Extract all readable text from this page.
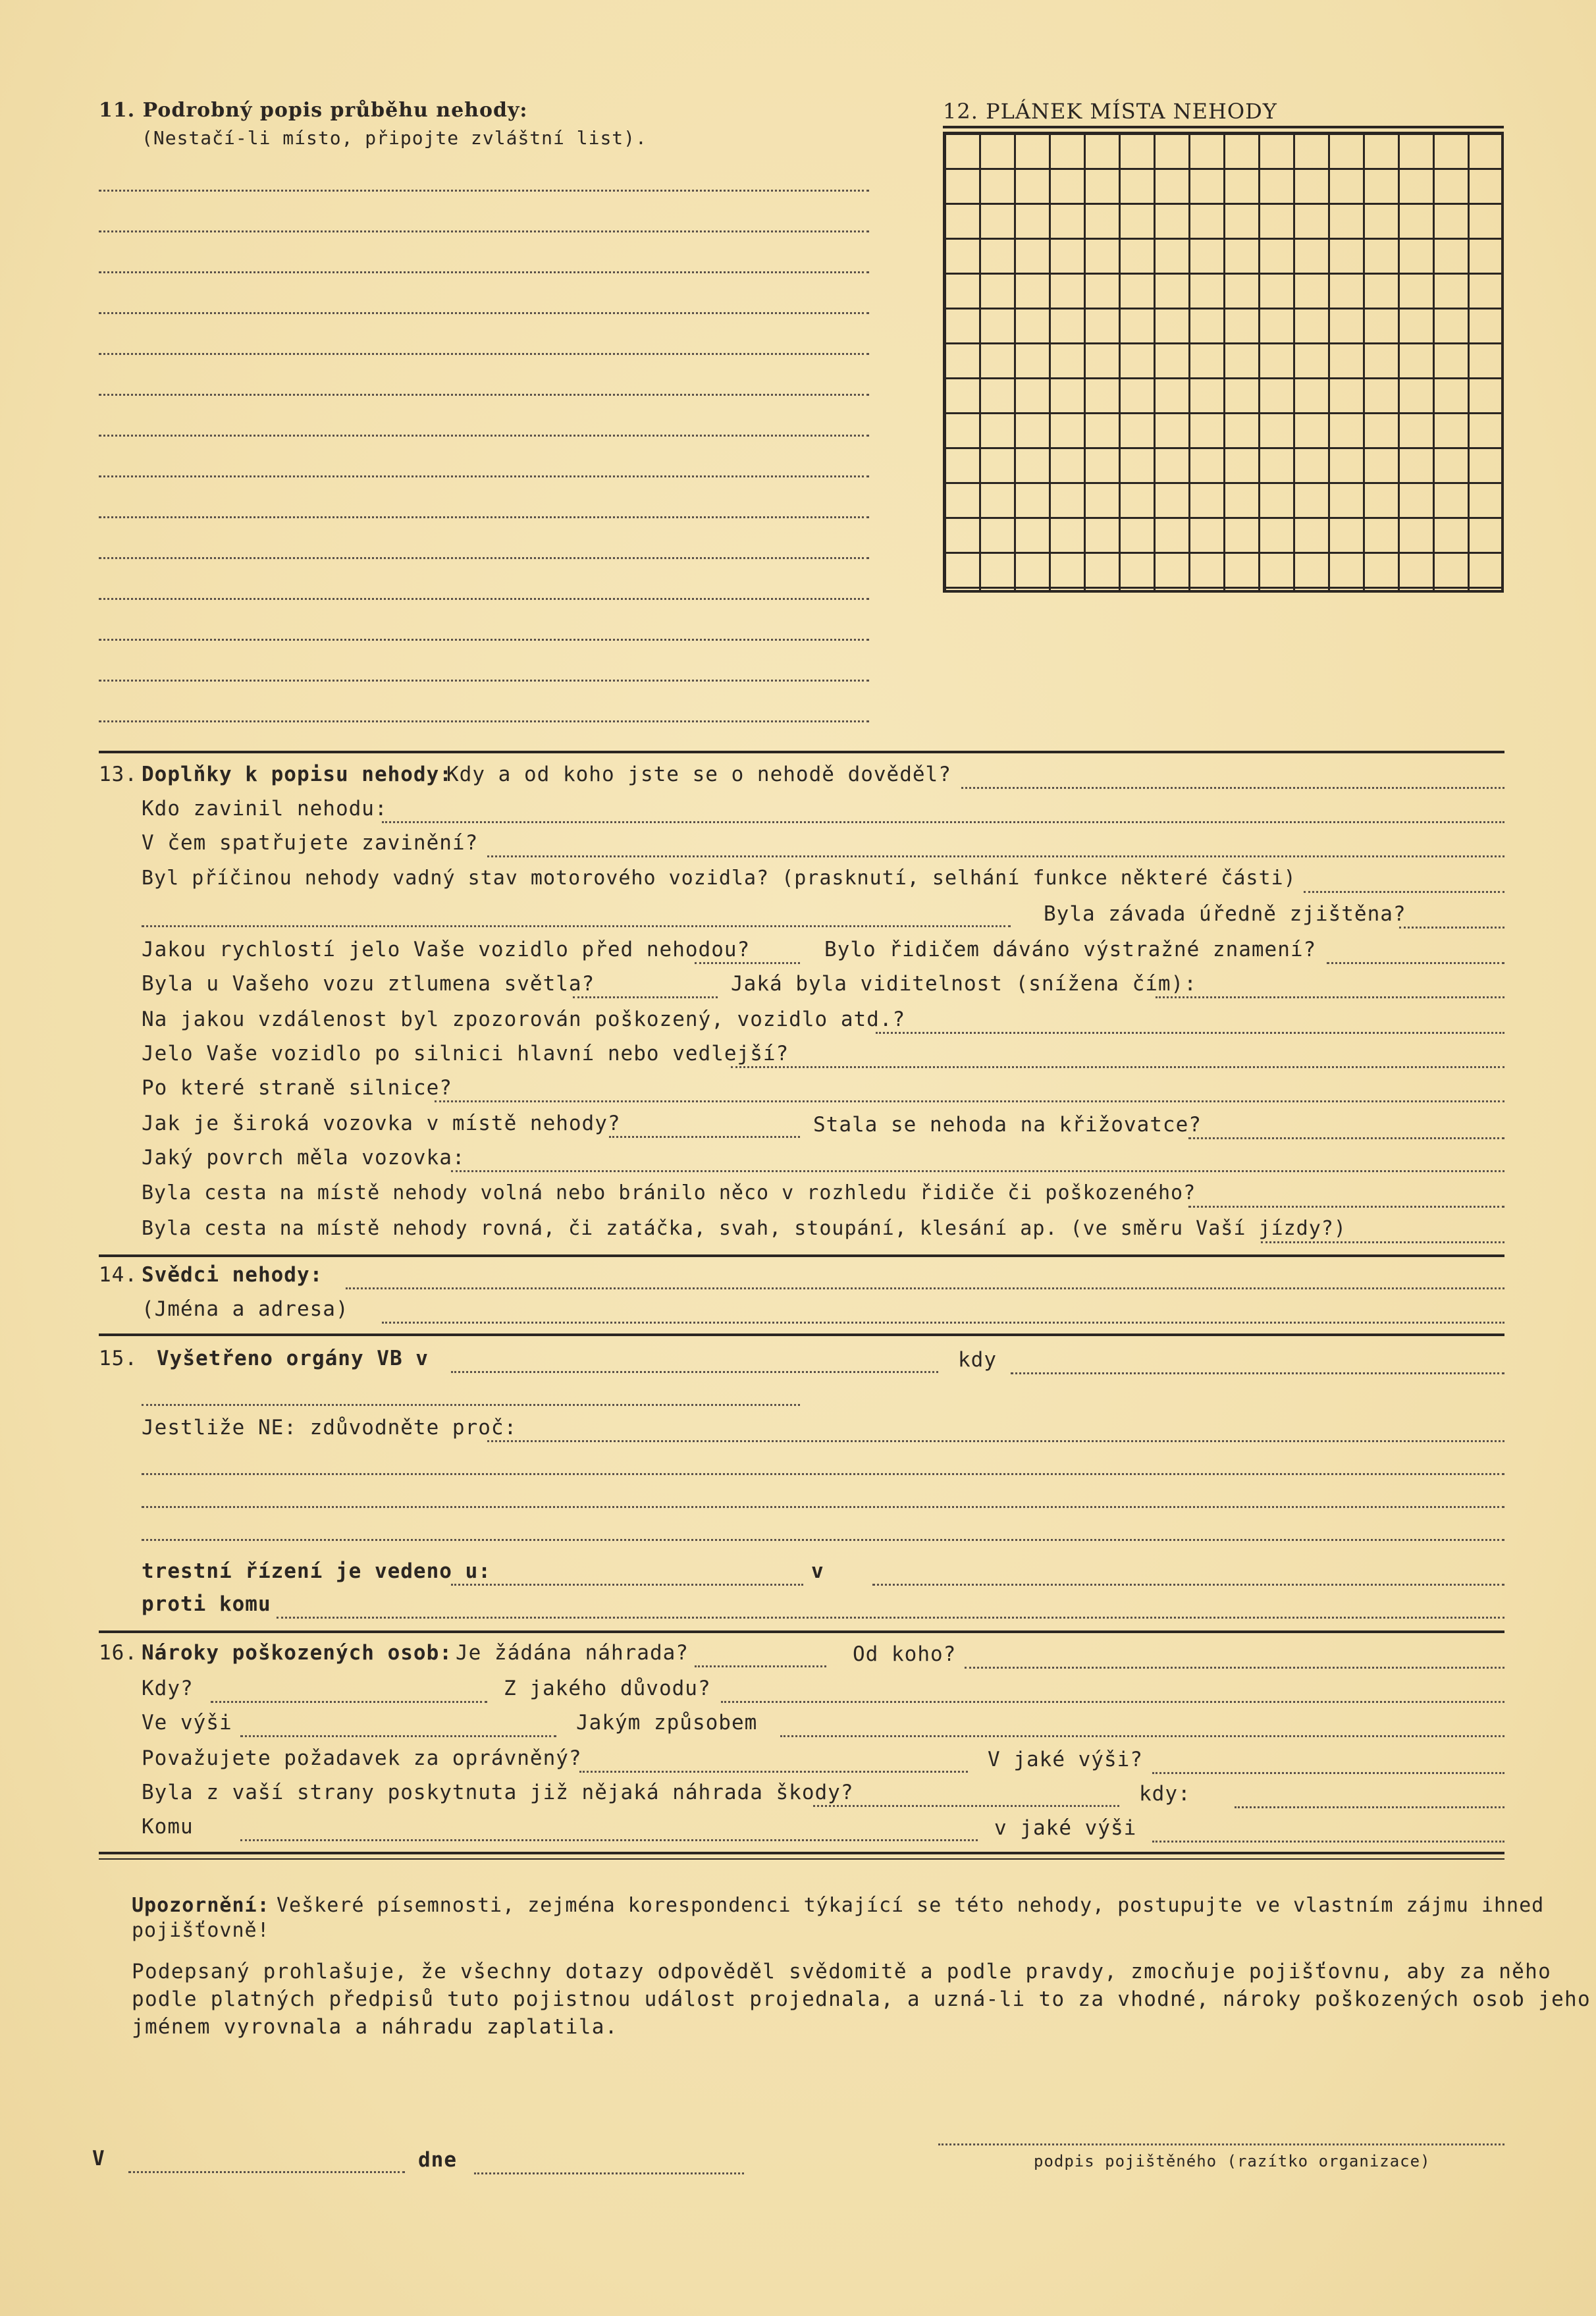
11. Podrobný popis průběhu nehody:
(Nestačí-li místo, připojte zvláštní list).
12. PLÁNEK MÍSTA NEHODY
13. Doplňky k popisu nehody:
Kdy a od koho jste se o nehodě dověděl?
Kdo zavinil nehodu:
V čem spatřujete zavinění?
Byl příčinou nehody vadný stav motorového vozidla? (prasknutí, selhání funkce některé části)
Byla závada úředně zjištěna?
Jakou rychlostí jelo Vaše vozidlo před nehodou?	Bylo řidičem dáváno výstražné znamení?
Byla u Vašeho vozu ztlumena světla?	Jaká byla viditelnost (snížena čím):
Na jakou vzdálenost byl zpozorován poškozený, vozidlo atd.?
Jelo Vaše vozidlo po silnici hlavní nebo vedlejší?
Po které straně silnice?
Jak je široká vozovka v místě nehody?	Stala se nehoda na křižovatce?
Jaký povrch měla vozovka:
Byla cesta na místě nehody volná nebo bránilo něco v rozhledu řidiče či poškozeného?
Byla cesta na místě nehody rovná, či zatáčka, svah, stoupání, klesání ap. (ve směru Vaší jízdy?)
14. Svědci nehody:
(Jména a adresa)
15. Vyšetřeno orgány VB v	kdy
Jestliže NE: zdůvodněte proč:
trestní řízení je vedeno u:	v
proti komu
16. Nároky poškozených osob: Je žádána náhrada?	Od koho?
Kdy?	Z jakého důvodu?
Ve výši	Jakým způsobem
Považujete požadavek za oprávněný?	V jaké výši?
Byla z vaší strany poskytnuta již nějaká náhrada škody?	kdy:
Komu	v jaké výši
Upozornění: Veškeré písemnosti, zejména korespondenci týkající se této nehody, postupujte ve vlastním zájmu ihned
pojišťovně!
Podepsaný prohlašuje, že všechny dotazy odpověděl svědomitě a podle pravdy, zmocňuje pojišťovnu, aby za něho
podle platných předpisů tuto pojistnou událost projednala, a uzná-li to za vhodné, nároky poškozených osob jeho
jménem vyrovnala a náhradu zaplatila.
V	dne	podpis pojištěného (razítko organizace)
